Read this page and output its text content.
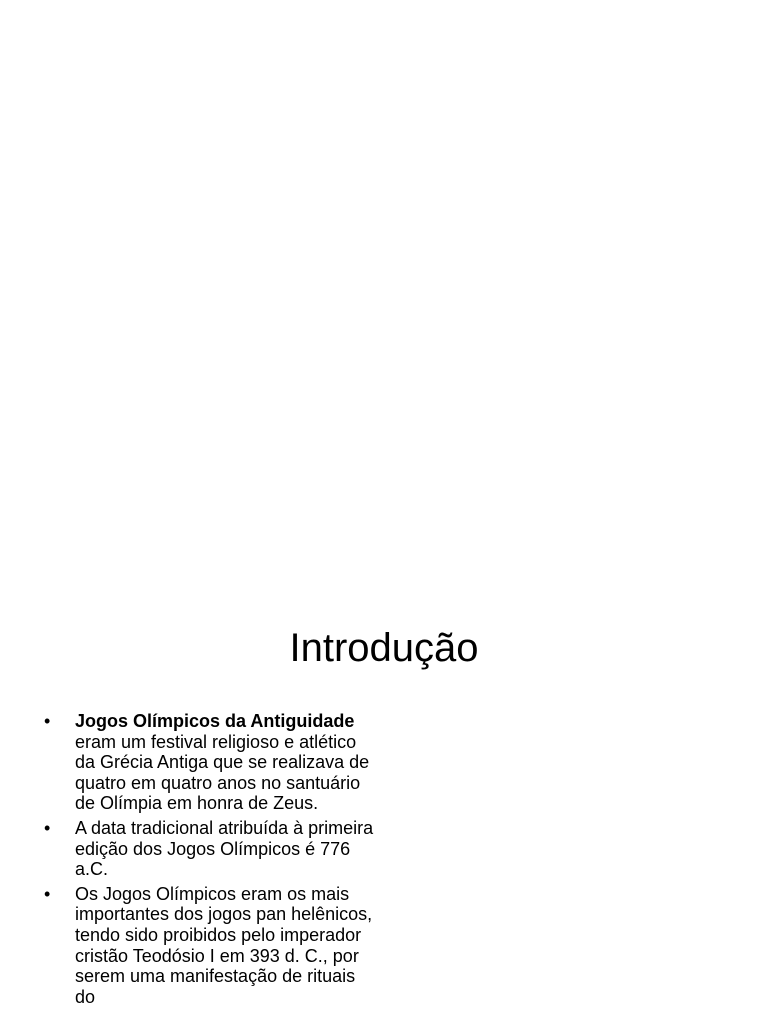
Introdução
•	Jogos Olímpicos da Antiguidade
eram um festival religioso e atlético da Grécia Antiga que se realizava de quatro em quatro anos no santuário de Olímpia em honra de Zeus.
•	A data tradicional atribuída à primeira edição dos Jogos Olímpicos é 776 a.C.
•	Os Jogos Olímpicos eram os mais importantes dos jogos pan helênicos, tendo sido proibidos pelo imperador cristão Teodósio I em 393 d. C., por serem uma manifestação de rituais do
